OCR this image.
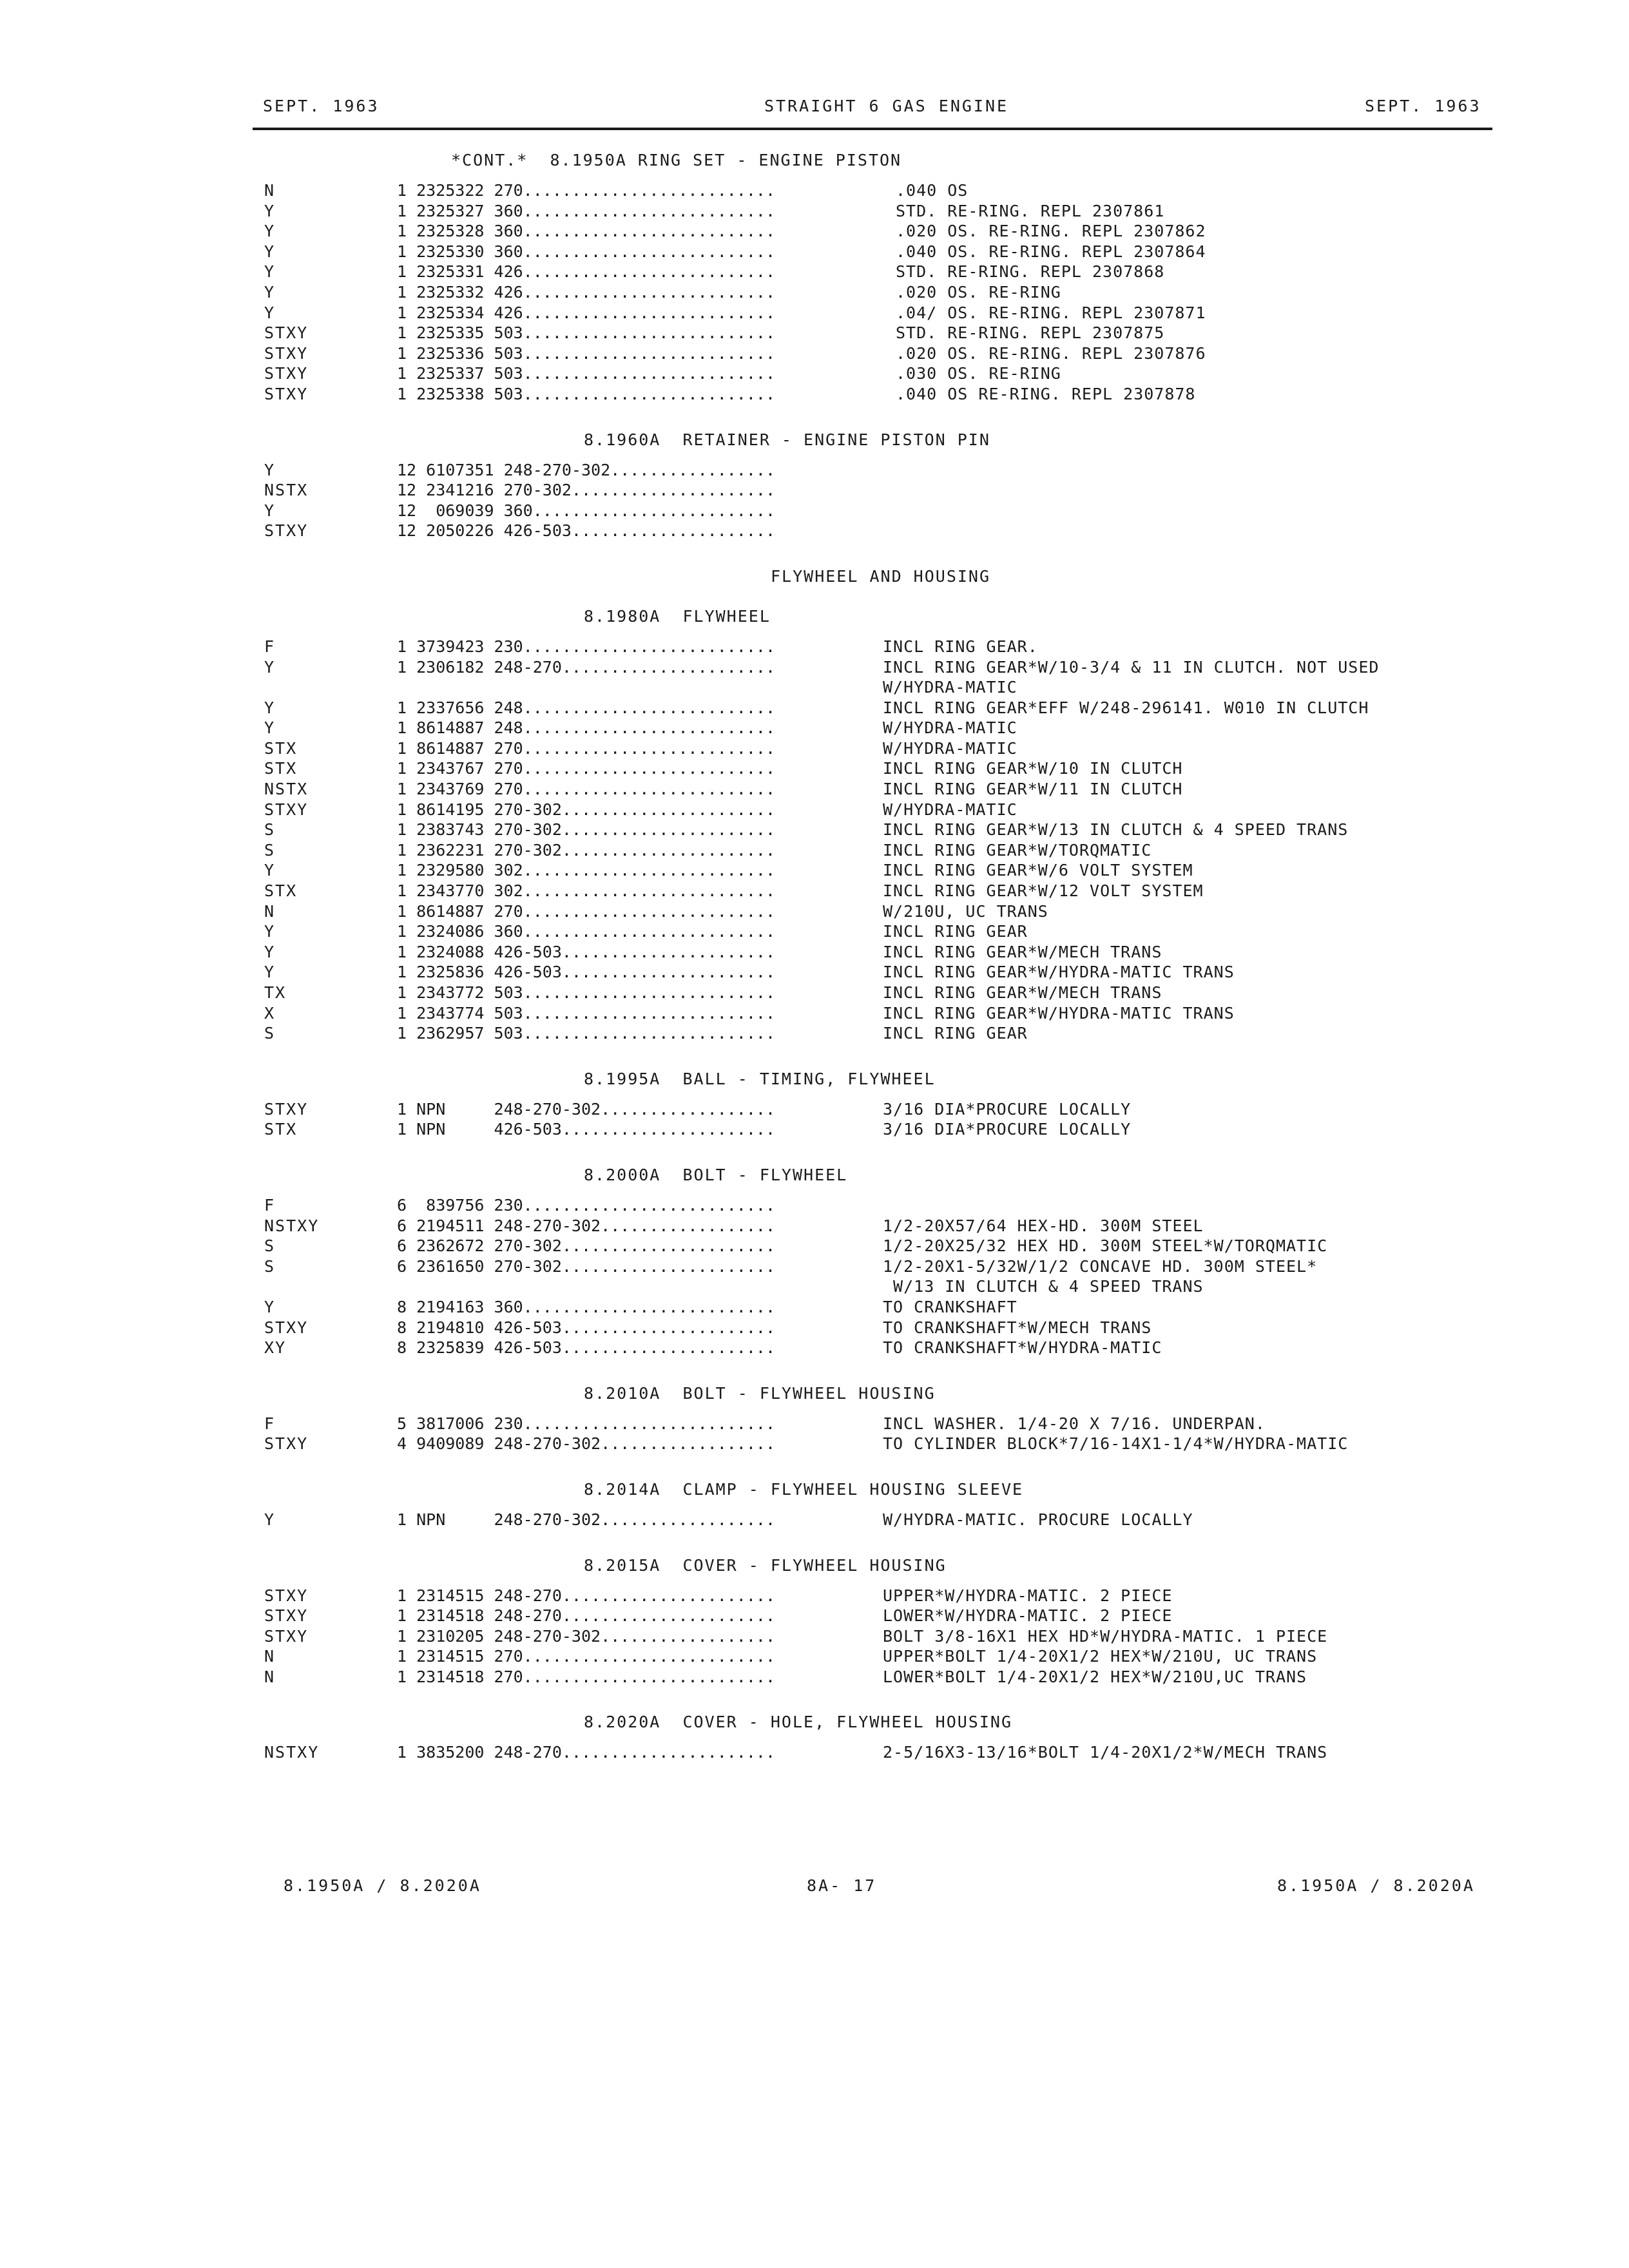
SEPT. 1963	STRAIGHT 6 GAS ENGINE	SEPT. 1963
*CONT.*  8.1950A RING SET - ENGINE PISTON
N	1 2325322 270..........................	.040 OS
Y	1 2325327 360..........................	STD. RE-RING. REPL 2307861
Y	1 2325328 360..........................	.020 OS. RE-RING. REPL 2307862
Y	1 2325330 360..........................	.040 OS. RE-RING. REPL 2307864
Y	1 2325331 426..........................	STD. RE-RING. REPL 2307868
Y	1 2325332 426..........................	.020 OS. RE-RING
Y	1 2325334 426..........................	.04/ OS. RE-RING. REPL 2307871
STXY	1 2325335 503..........................	STD. RE-RING. REPL 2307875
STXY	1 2325336 503..........................	.020 OS. RE-RING. REPL 2307876
STXY	1 2325337 503..........................	.030 OS. RE-RING
STXY	1 2325338 503..........................	.040 OS RE-RING. REPL 2307878
8.1960A  RETAINER - ENGINE PISTON PIN
Y	12 6107351 248-270-302.................
NSTX	12 2341216 270-302.....................
Y	12  069039 360.........................
STXY	12 2050226 426-503.....................
FLYWHEEL AND HOUSING
8.1980A  FLYWHEEL
F	1 3739423 230..........................	INCL RING GEAR.
Y	1 2306182 248-270......................	INCL RING GEAR*W/10-3/4 & 11 IN CLUTCH. NOT USED
W/HYDRA-MATIC
Y	1 2337656 248..........................	INCL RING GEAR*EFF W/248-296141. W010 IN CLUTCH
Y	1 8614887 248..........................	W/HYDRA-MATIC
STX	1 8614887 270..........................	W/HYDRA-MATIC
STX	1 2343767 270..........................	INCL RING GEAR*W/10 IN CLUTCH
NSTX	1 2343769 270..........................	INCL RING GEAR*W/11 IN CLUTCH
STXY	1 8614195 270-302......................	W/HYDRA-MATIC
S	1 2383743 270-302......................	INCL RING GEAR*W/13 IN CLUTCH & 4 SPEED TRANS
S	1 2362231 270-302......................	INCL RING GEAR*W/TORQMATIC
Y	1 2329580 302..........................	INCL RING GEAR*W/6 VOLT SYSTEM
STX	1 2343770 302..........................	INCL RING GEAR*W/12 VOLT SYSTEM
N	1 8614887 270..........................	W/210U, UC TRANS
Y	1 2324086 360..........................	INCL RING GEAR
Y	1 2324088 426-503......................	INCL RING GEAR*W/MECH TRANS
Y	1 2325836 426-503......................	INCL RING GEAR*W/HYDRA-MATIC TRANS
TX	1 2343772 503..........................	INCL RING GEAR*W/MECH TRANS
X	1 2343774 503..........................	INCL RING GEAR*W/HYDRA-MATIC TRANS
S	1 2362957 503..........................	INCL RING GEAR
8.1995A  BALL - TIMING, FLYWHEEL
STXY	1 NPN     248-270-302..................	3/16 DIA*PROCURE LOCALLY
STX	1 NPN     426-503......................	3/16 DIA*PROCURE LOCALLY
8.2000A  BOLT - FLYWHEEL
F	6  839756 230..........................
NSTXY	6 2194511 248-270-302..................	1/2-20X57/64 HEX-HD. 300M STEEL
S	6 2362672 270-302......................	1/2-20X25/32 HEX HD. 300M STEEL*W/TORQMATIC
S	6 2361650 270-302......................	1/2-20X1-5/32W/1/2 CONCAVE HD. 300M STEEL*
W/13 IN CLUTCH & 4 SPEED TRANS
Y	8 2194163 360..........................	TO CRANKSHAFT
STXY	8 2194810 426-503......................	TO CRANKSHAFT*W/MECH TRANS
XY	8 2325839 426-503......................	TO CRANKSHAFT*W/HYDRA-MATIC
8.2010A  BOLT - FLYWHEEL HOUSING
F	5 3817006 230..........................	INCL WASHER. 1/4-20 X 7/16. UNDERPAN.
STXY	4 9409089 248-270-302..................	TO CYLINDER BLOCK*7/16-14X1-1/4*W/HYDRA-MATIC
8.2014A  CLAMP - FLYWHEEL HOUSING SLEEVE
Y	1 NPN     248-270-302..................	W/HYDRA-MATIC. PROCURE LOCALLY
8.2015A  COVER - FLYWHEEL HOUSING
STXY	1 2314515 248-270......................	UPPER*W/HYDRA-MATIC. 2 PIECE
STXY	1 2314518 248-270......................	LOWER*W/HYDRA-MATIC. 2 PIECE
STXY	1 2310205 248-270-302..................	BOLT 3/8-16X1 HEX HD*W/HYDRA-MATIC. 1 PIECE
N	1 2314515 270..........................	UPPER*BOLT 1/4-20X1/2 HEX*W/210U, UC TRANS
N	1 2314518 270..........................	LOWER*BOLT 1/4-20X1/2 HEX*W/210U,UC TRANS
8.2020A  COVER - HOLE, FLYWHEEL HOUSING
NSTXY	1 3835200 248-270......................	2-5/16X3-13/16*BOLT 1/4-20X1/2*W/MECH TRANS
8.1950A / 8.2020A	8A- 17	8.1950A / 8.2020A
